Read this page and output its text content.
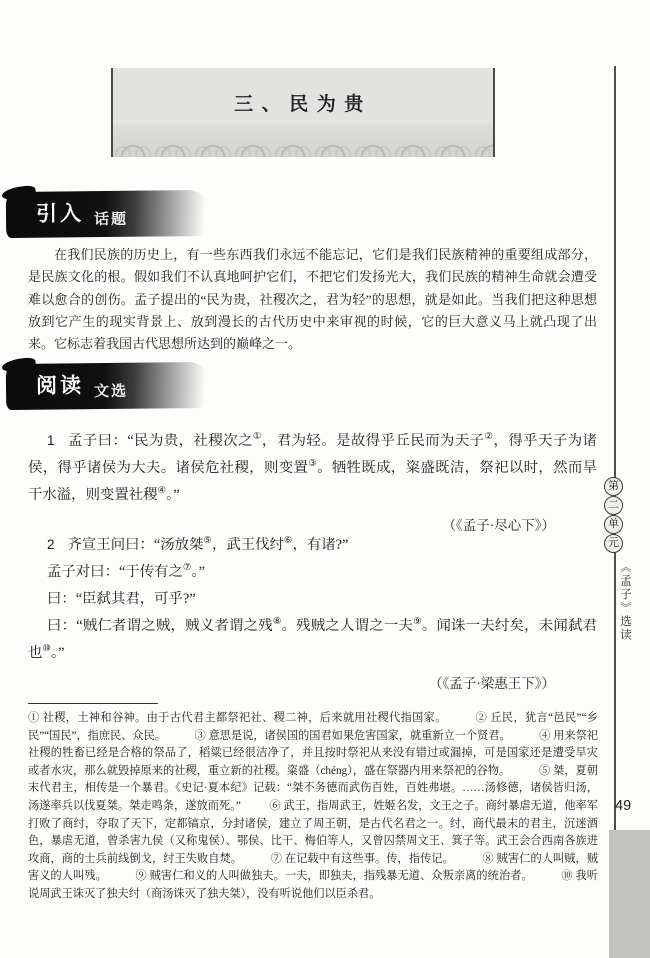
三、民为贵
引入 话题

在我们民族的历史上，有一些东西我们永远不能忘记，它们是我们民族精神的重要组成部分，是民族文化的根。假如我们不认真地呵护它们，不把它们发扬光大，我们民族的精神生命就会遭受难以愈合的创伤。孟子提出的“民为贵，社稷次之，君为轻”的思想，就是如此。当我们把这种思想放到它产生的现实背景上、放到漫长的古代历史中来审视的时候，它的巨大意义马上就凸现了出来。它标志着我国古代思想所达到的巅峰之一。

阅读 文选

1 孟子曰：“民为贵，社稷次之①，君为轻。是故得乎丘民而为天子②，得乎天子为诸侯，得乎诸侯为大夫。诸侯危社稷，则变置③。牺牲既成，粢盛既洁，祭祀以时，然而旱干水溢，则变置社稷④。”

（《孟子·尽心下》）

2 齐宣王问曰：“汤放桀⑤，武王伐纣⑥，有诸?”

孟子对曰：“于传有之⑦。”

曰：“臣弑其君，可乎?”

曰：“贼仁者谓之贼，贼义者谓之残⑧。残贼之人谓之一夫⑨。闻诛一夫纣矣，未闻弑君也⑩。”

（《孟子·梁惠王下》）

① 社稷，土神和谷神。由于古代君主都祭祀社、稷二神，后来就用社稷代指国家。	② 丘民，犹言“邑民”“乡民”“国民”，指庶民、众民。	③ 意思是说，诸侯国的国君如果危害国家，就重新立一个贤君。	④ 用来祭祀社稷的牲畜已经是合格的祭品了，稻粱已经很洁净了，并且按时祭祀从来没有错过或漏掉，可是国家还是遭受旱灾或者水灾，那么就毁掉原来的社稷，重立新的社稷。粢盛（chéng），盛在祭器内用来祭祀的谷物。	⑤ 桀，夏朝末代君主，相传是一个暴君。《史记·夏本纪》记载：“桀不务德而武伤百姓，百姓弗堪。……汤修德，诸侯皆归汤，汤遂率兵以伐夏桀。桀走鸣条，遂放而死。”	⑥ 武王，指周武王，姓姬名发，文王之子。商纣暴虐无道，他率军打败了商纣，夺取了天下，定都镐京，分封诸侯，建立了周王朝，是古代名君之一。纣，商代最末的君主，沉迷酒色，暴虐无道，曾杀害九侯（又称鬼侯）、鄂侯、比干、梅伯等人，又曾囚禁周文王、箕子等。武王会合西南各族进攻商，商的士兵前线倒戈，纣王失败自焚。	⑦ 在记载中有这些事。传，指传记。	⑧ 贼害仁的人叫贼，贼害义的人叫残。	⑨ 贼害仁和义的人叫做独夫。一夫，即独夫，指残暴无道、众叛亲离的统治者。	⑩ 我听说周武王诛灭了独夫纣（商汤诛灭了独夫桀），没有听说他们以臣杀君。
第
二
单
元
《孟子》选读
49
